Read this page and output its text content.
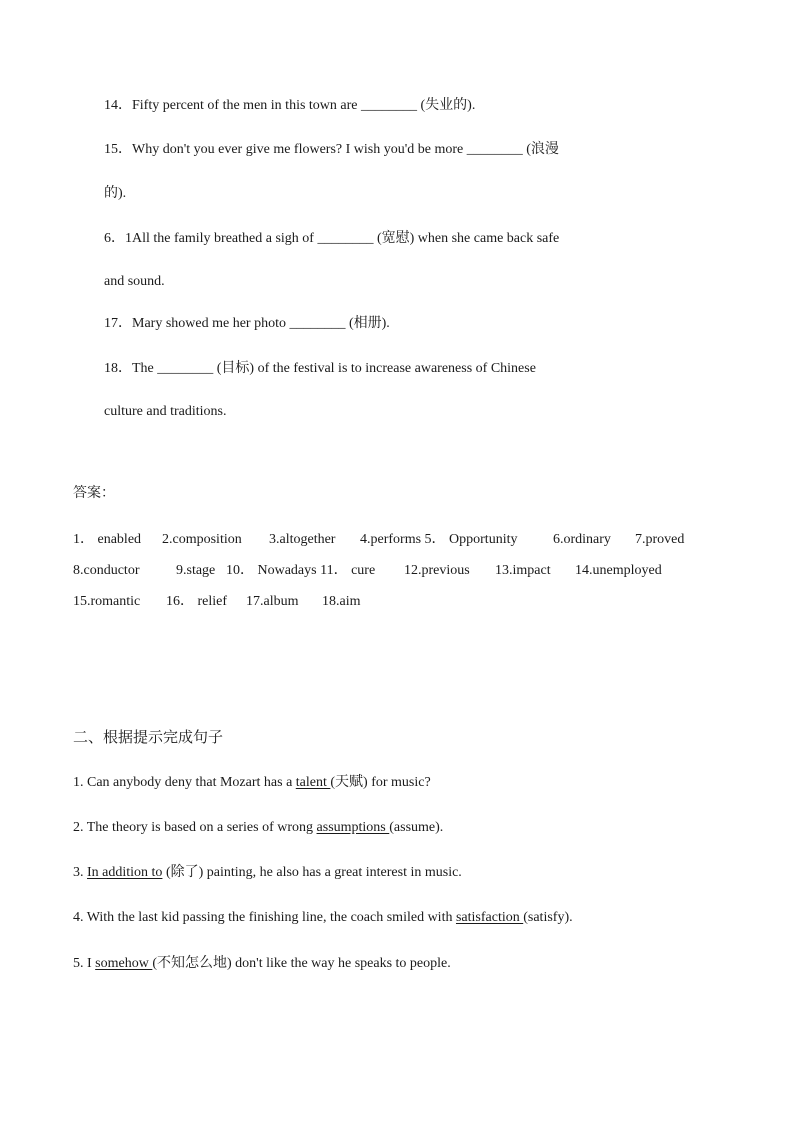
14．Fifty percent of the men in this town are ________ (失业的).
15．Why don't you ever give me flowers? I wish you'd be more ________ (浪漫
的).
6．1All the family breathed a sigh of ________ (宽慰) when she came back safe
and sound.
17．Mary showed me her photo ________ (相册).
18．The ________ (目标) of the festival is to increase awareness of Chinese
culture and traditions.
答案：
1． enabled 2.composition 3.altogether 4.performs 5． Opportunity	6.ordinary 7.proved
8.conductor	9.stage 10． Nowadays 11． cure 12.previous 13.impact 14.unemployed
15.romantic 16． relief 17.album 18.aim
二、根据提示完成句子
1. Can anybody deny that Mozart has a talent (天赋) for music?
2. The theory is based on a series of wrong assumptions (assume).
3. In addition to (除了) painting, he also has a great interest in music.
4. With the last kid passing the finishing line, the coach smiled with satisfaction (satisfy).
5. I somehow (不知怎么地) don't like the way he speaks to people.
